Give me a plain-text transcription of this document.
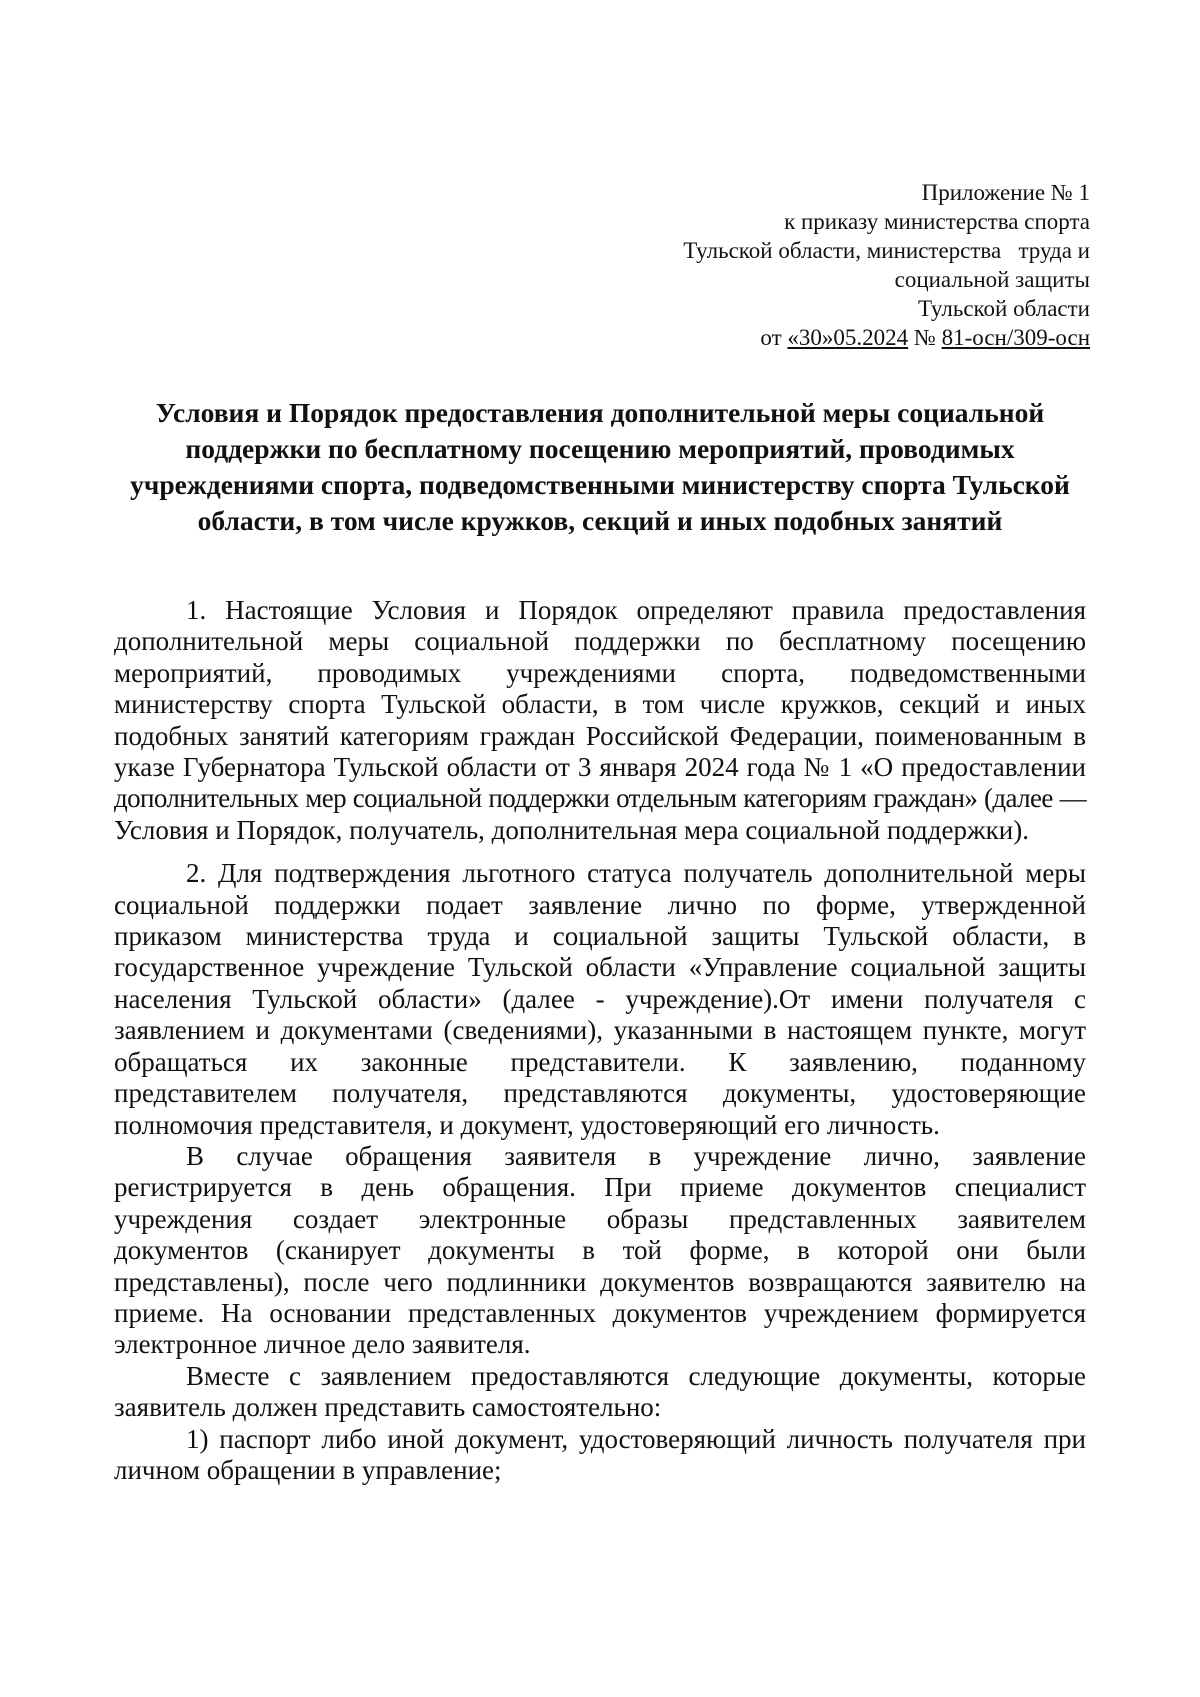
Приложение № 1
к приказу министерства спорта
Тульской области, министерства   труда и
социальной защиты
Тульской области
от «30»05.2024 № 81-осн/309-осн
Условия и Порядок предоставления дополнительной меры социальной
поддержки по бесплатному посещению мероприятий, проводимых
учреждениями спорта, подведомственными министерству спорта Тульской
области, в том числе кружков, секций и иных подобных занятий
1. Настоящие Условия и Порядок определяют правила предоставления
дополнительной меры социальной поддержки по бесплатному посещению
мероприятий, проводимых учреждениями спорта, подведомственными
министерству спорта Тульской области, в том числе кружков, секций и иных
подобных занятий категориям граждан Российской Федерации, поименованным в
указе Губернатора Тульской области от 3 января 2024 года № 1 «О предоставлении
дополнительных мер социальной поддержки отдельным категориям граждан» (далее —
Условия и Порядок, получатель, дополнительная мера социальной поддержки).
2. Для подтверждения льготного статуса получатель дополнительной меры
социальной поддержки подает заявление лично по форме, утвержденной
приказом министерства труда и социальной защиты Тульской области, в
государственное учреждение Тульской области «Управление социальной защиты
населения Тульской области» (далее - учреждение).От имени получателя с
заявлением и документами (сведениями), указанными в настоящем пункте, могут
обращаться их законные представители. К заявлению, поданному
представителем получателя, представляются документы, удостоверяющие
полномочия представителя, и документ, удостоверяющий его личность.
В случае обращения заявителя в учреждение лично, заявление
регистрируется в день обращения. При приеме документов специалист
учреждения создает электронные образы представленных заявителем
документов (сканирует документы в той форме, в которой они были
представлены), после чего подлинники документов возвращаются заявителю на
приеме. На основании представленных документов учреждением формируется
электронное личное дело заявителя.
Вместе с заявлением предоставляются следующие документы, которые
заявитель должен представить самостоятельно:
1) паспорт либо иной документ, удостоверяющий личность получателя при
личном обращении в управление;
